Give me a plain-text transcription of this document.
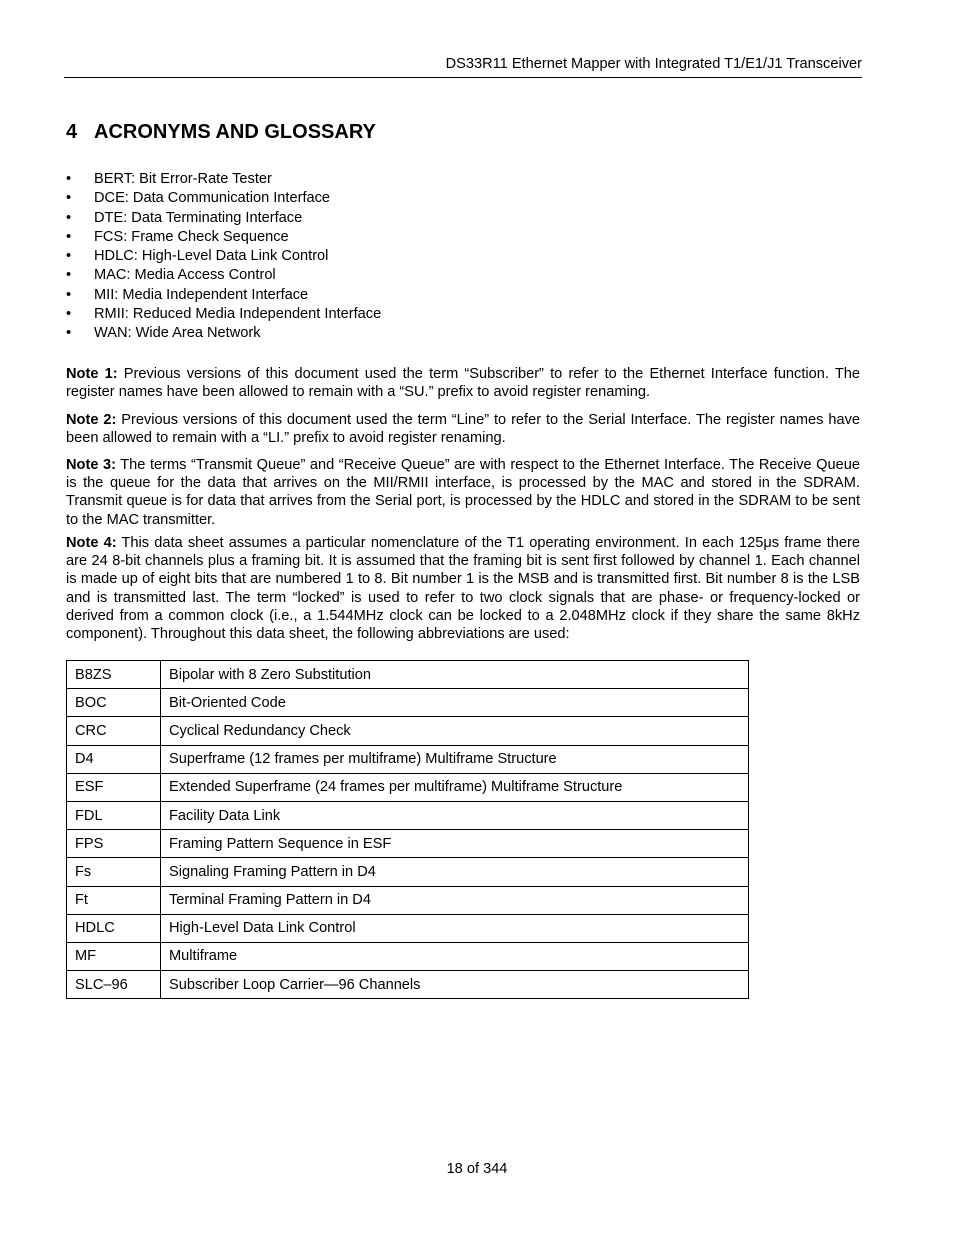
DS33R11 Ethernet Mapper with Integrated T1/E1/J1 Transceiver
4 ACRONYMS AND GLOSSARY
• BERT: Bit Error-Rate Tester
• DCE: Data Communication Interface
• DTE: Data Terminating Interface
• FCS: Frame Check Sequence
• HDLC: High-Level Data Link Control
• MAC: Media Access Control
• MII: Media Independent Interface
• RMII: Reduced Media Independent Interface
• WAN: Wide Area Network

Note 1: Previous versions of this document used the term “Subscriber” to refer to the Ethernet Interface function. The register names have been allowed to remain with a “SU.” prefix to avoid register renaming.

Note 2: Previous versions of this document used the term “Line” to refer to the Serial Interface. The register names have been allowed to remain with a “LI.” prefix to avoid register renaming.

Note 3: The terms “Transmit Queue” and “Receive Queue” are with respect to the Ethernet Interface. The Receive Queue is the queue for the data that arrives on the MII/RMII interface, is processed by the MAC and stored in the SDRAM. Transmit queue is for data that arrives from the Serial port, is processed by the HDLC and stored in the SDRAM to be sent to the MAC transmitter.

Note 4: This data sheet assumes a particular nomenclature of the T1 operating environment. In each 125μs frame there are 24 8-bit channels plus a framing bit. It is assumed that the framing bit is sent first followed by channel 1. Each channel is made up of eight bits that are numbered 1 to 8. Bit number 1 is the MSB and is transmitted first. Bit number 8 is the LSB and is transmitted last. The term “locked” is used to refer to two clock signals that are phase- or frequency-locked or derived from a common clock (i.e., a 1.544MHz clock can be locked to a 2.048MHz clock if they share the same 8kHz component). Throughout this data sheet, the following abbreviations are used:

B8ZS	Bipolar with 8 Zero Substitution
BOC	Bit-Oriented Code
CRC	Cyclical Redundancy Check
D4	Superframe (12 frames per multiframe) Multiframe Structure
ESF	Extended Superframe (24 frames per multiframe) Multiframe Structure
FDL	Facility Data Link
FPS	Framing Pattern Sequence in ESF
Fs	Signaling Framing Pattern in D4
Ft	Terminal Framing Pattern in D4
HDLC	High-Level Data Link Control
MF	Multiframe
SLC–96	Subscriber Loop Carrier—96 Channels
18 of 344
